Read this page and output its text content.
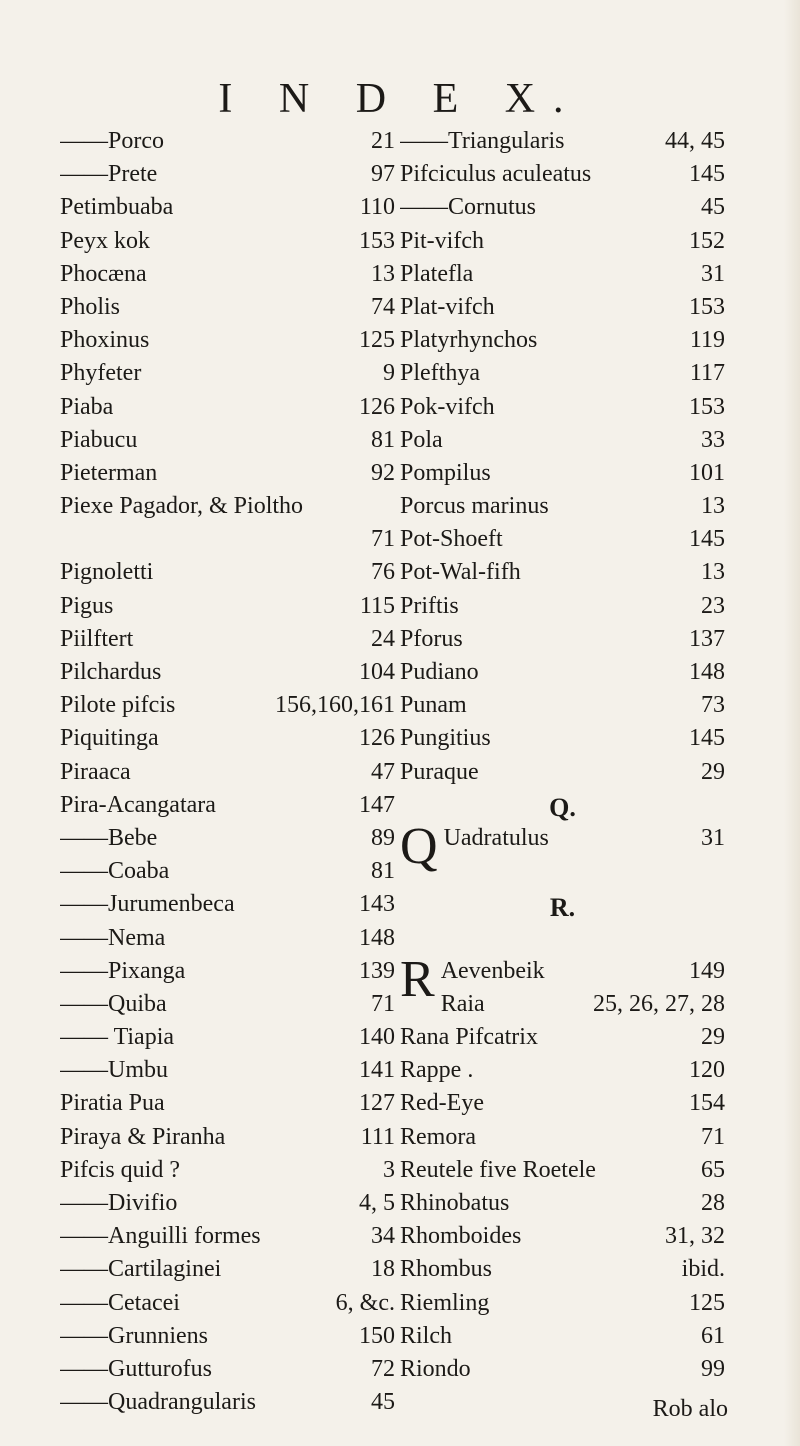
I N D E X.
——Porco	21
——Prete	97
Petimbuaba	110
Peyx kok	153
Phocæna	13
Pholis	74
Phoxinus	125
Phyfeter	9
Piaba	126
Piabucu	81
Pieterman	92
Piexe Pagador, & Pioltho
71
Pignoletti	76
Pigus	115
Piilftert	24
Pilchardus	104
Pilote pifcis	156,160,161
Piquitinga	126
Piraaca	47
Pira-Acangatara	147
——Bebe	89
——Coaba	81
——Jurumenbeca	143
——Nema	148
——Pixanga	139
——Quiba	71
—— Tiapia	140
——Umbu	141
Piratia Pua	127
Piraya & Piranha	111
Pifcis quid ?	3
——Divifio	4, 5
——Anguilli formes	34
——Cartilaginei	18
——Cetacei	6, &c.
——Grunniens	150
——Gutturofus	72
——Quadrangularis	45
——Triangularis	44, 45
Pifciculus aculeatus	145
——Cornutus	45
Pit-vifch	152
Platefla	31
Plat-vifch	153
Platyrhynchos	119
Plefthya	117
Pok-vifch	153
Pola	33
Pompilus	101
Porcus marinus	13
Pot-Shoeft	145
Pot-Wal-fifh	13
Priftis	23
Pforus	137
Pudiano	148
Punam	73
Pungitius	145
Puraque	29
Q.
Q Uadratulus	31
R.
R Aevenbeik	149
Raia	25, 26, 27, 28
Rana Pifcatrix	29
Rappe .	120
Red-Eye	154
Remora	71
Reutele five Roetele	65
Rhinobatus	28
Rhomboides	31, 32
Rhombus	ibid.
Riemling	125
Rilch	61
Riondo	99
Rob alo
